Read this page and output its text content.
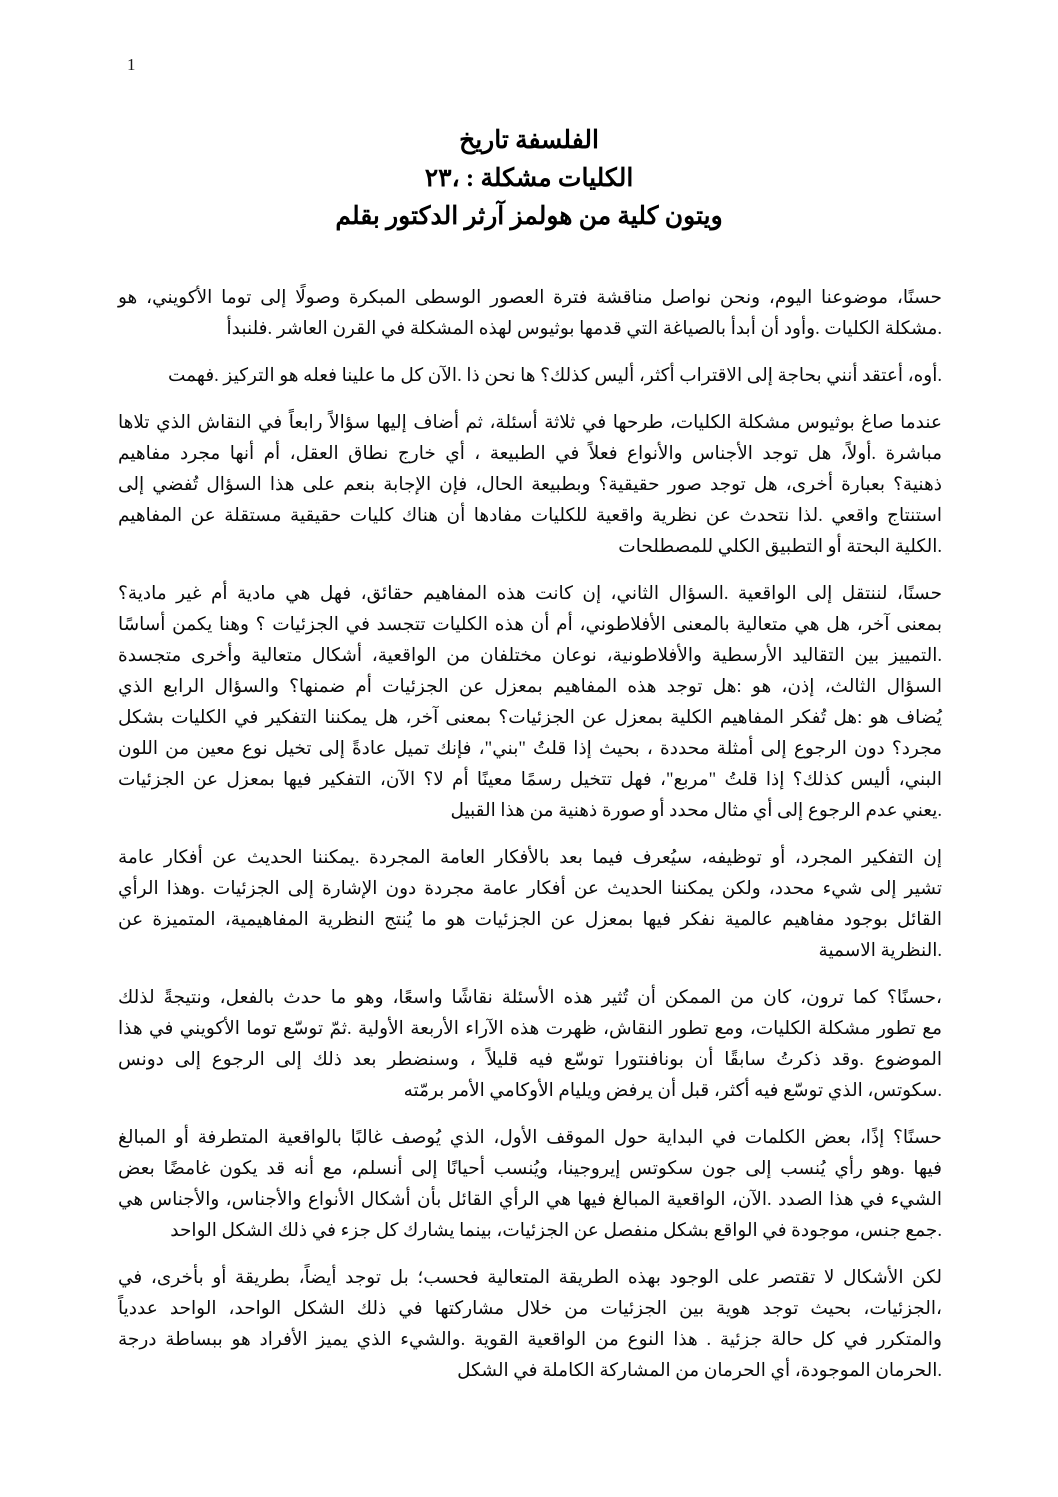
1
تاريخ الفلسفة
٢٣، : مشكلة الكليات
بقلم الدكتور آرثر هولمز من كلية ويتون
حسنًا، موضوعنا اليوم، ونحن نواصل مناقشة فترة العصور الوسطى المبكرة وصولًا إلى توما الأكويني، هو
.مشكلة الكليات .وأود أن أبدأ بالصياغة التي قدمها بوثيوس لهذه المشكلة في القرن العاشر .فلنبدأ
.أوه، أعتقد أنني بحاجة إلى الاقتراب أكثر، أليس كذلك؟ ها نحن ذا .الآن كل ما علينا فعله هو التركيز .فهمت
عندما صاغ بوثيوس مشكلة الكليات، طرحها في ثلاثة أسئلة، ثم أضاف إليها سؤالاً رابعاً في النقاش الذي تلاها
مباشرة .أولاً، هل توجد الأجناس والأنواع فعلاً في الطبيعة ، أي خارج نطاق العقل، أم أنها مجرد مفاهيم
ذهنية؟ بعبارة أخرى، هل توجد صور حقيقية؟ وبطبيعة الحال، فإن الإجابة بنعم على هذا السؤال تُفضي إلى
استنتاج واقعي .لذا نتحدث عن نظرية واقعية للكليات مفادها أن هناك كليات حقيقية مستقلة عن المفاهيم
.الكلية البحتة أو التطبيق الكلي للمصطلحات
حسنًا، لننتقل إلى الواقعية .السؤال الثاني، إن كانت هذه المفاهيم حقائق، فهل هي مادية أم غير مادية؟
بمعنى آخر، هل هي متعالية بالمعنى الأفلاطوني، أم أن هذه الكليات تتجسد في الجزئيات ؟ وهنا يكمن أساسًا
.التمييز بين التقاليد الأرسطية والأفلاطونية، نوعان مختلفان من الواقعية، أشكال متعالية وأخرى متجسدة
السؤال الثالث، إذن، هو :هل توجد هذه المفاهيم بمعزل عن الجزئيات أم ضمنها؟ والسؤال الرابع الذي
يُضاف هو :هل تُفكر المفاهيم الكلية بمعزل عن الجزئيات؟ بمعنى آخر، هل يمكننا التفكير في الكليات بشكل
مجرد؟ دون الرجوع إلى أمثلة محددة ، بحيث إذا قلتُ "بني"، فإنك تميل عادةً إلى تخيل نوع معين من اللون
البني، أليس كذلك؟ إذا قلتُ "مربع"، فهل تتخيل رسمًا معينًا أم لا؟ الآن، التفكير فيها بمعزل عن الجزئيات
.يعني عدم الرجوع إلى أي مثال محدد أو صورة ذهنية من هذا القبيل
إن التفكير المجرد، أو توظيفه، سيُعرف فيما بعد بالأفكار العامة المجردة .يمكننا الحديث عن أفكار عامة
تشير إلى شيء محدد، ولكن يمكننا الحديث عن أفكار عامة مجردة دون الإشارة إلى الجزئيات .وهذا الرأي
القائل بوجود مفاهيم عالمية نفكر فيها بمعزل عن الجزئيات هو ما يُنتج النظرية المفاهيمية، المتميزة عن
.النظرية الاسمية
،حسنًا؟ كما ترون، كان من الممكن أن تُثير هذه الأسئلة نقاشًا واسعًا، وهو ما حدث بالفعل، ونتيجةً لذلك
مع تطور مشكلة الكليات، ومع تطور النقاش، ظهرت هذه الآراء الأربعة الأولية .ثمّ توسّع توما الأكويني في هذا
الموضوع .وقد ذكرتُ سابقًا أن بونافنتورا توسّع فيه قليلاً ، وسنضطر بعد ذلك إلى الرجوع إلى دونس
.سكوتس، الذي توسّع فيه أكثر، قبل أن يرفض ويليام الأوكامي الأمر برمّته
حسنًا؟ إذًا، بعض الكلمات في البداية حول الموقف الأول، الذي يُوصف غالبًا بالواقعية المتطرفة أو المبالغ
فيها .وهو رأي يُنسب إلى جون سكوتس إيروجينا، ويُنسب أحيانًا إلى أنسلم، مع أنه قد يكون غامضًا بعض
الشيء في هذا الصدد .الآن، الواقعية المبالغ فيها هي الرأي القائل بأن أشكال الأنواع والأجناس، والأجناس هي
.جمع جنس، موجودة في الواقع بشكل منفصل عن الجزئيات، بينما يشارك كل جزء في ذلك الشكل الواحد
لكن الأشكال لا تقتصر على الوجود بهذه الطريقة المتعالية فحسب؛ بل توجد أيضاً، بطريقة أو بأخرى، في
،الجزئيات، بحيث توجد هوية بين الجزئيات من خلال مشاركتها في ذلك الشكل الواحد، الواحد عددياً
والمتكرر في كل حالة جزئية . هذا النوع من الواقعية القوية .والشيء الذي يميز الأفراد هو ببساطة درجة
.الحرمان الموجودة، أي الحرمان من المشاركة الكاملة في الشكل
